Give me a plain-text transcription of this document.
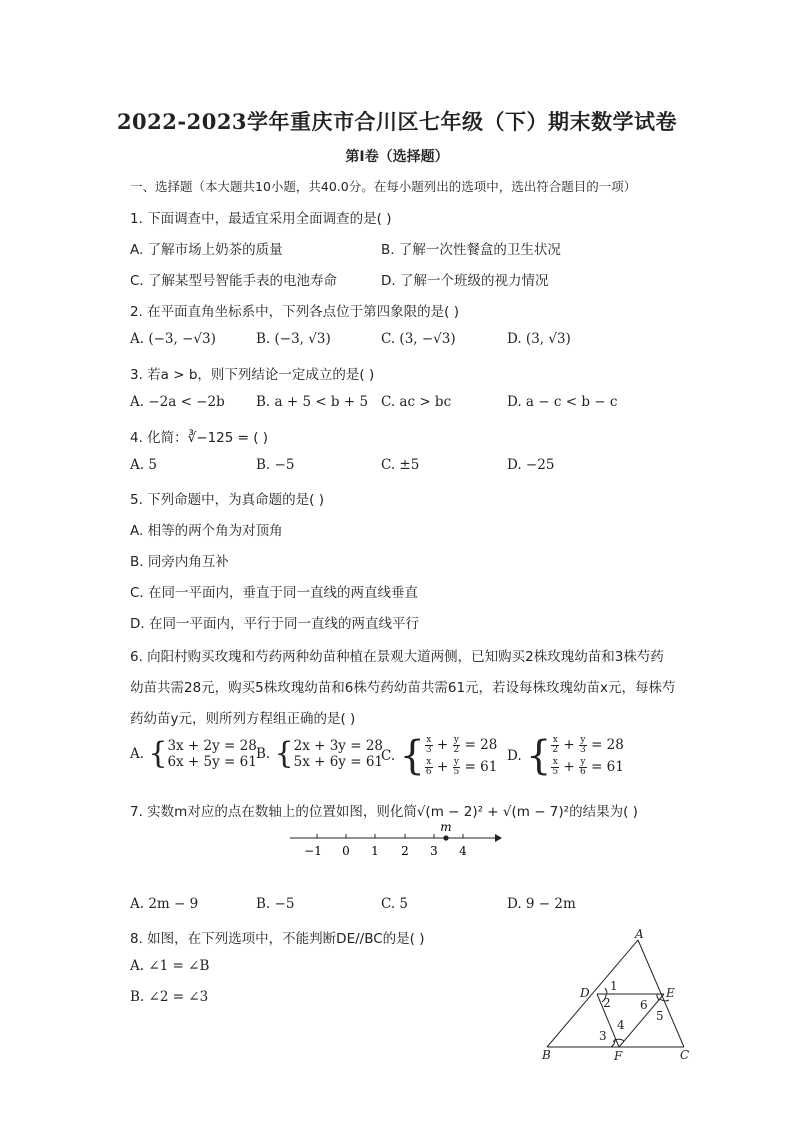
2022-2023学年重庆市合川区七年级（下）期末数学试卷
第I卷（选择题）
一、选择题（本大题共10小题，共40.0分。在每小题列出的选项中，选出符合题目的一项）
1. 下面调查中，最适宜采用全面调查的是( )
A. 了解市场上奶茶的质量	B. 了解一次性餐盒的卫生状况
C. 了解某型号智能手表的电池寿命	D. 了解一个班级的视力情况
2. 在平面直角坐标系中，下列各点位于第四象限的是( )
A. (−3, −√3)	B. (−3, √3)	C. (3, −√3)	D. (3, √3)
3. 若a > b，则下列结论一定成立的是( )
A. −2a < −2b B. a + 5 < b + 5 C. ac > bc	D. a − c < b − c
4. 化简：∛−125 = ( )
A. 5	B. −5	C. ±5	D. −25
5. 下列命题中，为真命题的是( )
A. 相等的两个角为对顶角
B. 同旁内角互补
C. 在同一平面内，垂直于同一直线的两直线垂直
D. 在同一平面内，平行于同一直线的两直线平行
6. 向阳村购买玫瑰和芍药两种幼苗种植在景观大道两侧，已知购买2株玫瑰幼苗和3株芍药
幼苗共需28元，购买5株玫瑰幼苗和6株芍药幼苗共需61元，若设每株玫瑰幼苗x元，每株芍
药幼苗y元，则所列方程组正确的是( )
A. { 3x + 2y = 28
6x + 5y = 61 B. { 2x + 3y = 28
5x + 6y = 61
C. { $\frac{x}{3} + \frac{y}{2} = 28$
$\frac{x}{6} + \frac{y}{5} = 61$
D. { $\frac{x}{2} + \frac{y}{3} = 28$
$\frac{x}{5} + \frac{y}{6} = 61$
7. 实数m对应的点在数轴上的位置如图，则化简√(m − 2)² + √(m − 7)²的结果为( )
m
−1 0 1 2 3 4
A. 2m − 9	B. −5	C. 5	D. 9 − 2m
8. 如图，在下列选项中，不能判断DE//BC的是( )
A. ∠1 = ∠B
B. ∠2 = ∠3
A
B	C
D	E
F
1
2
3
4
5
6
